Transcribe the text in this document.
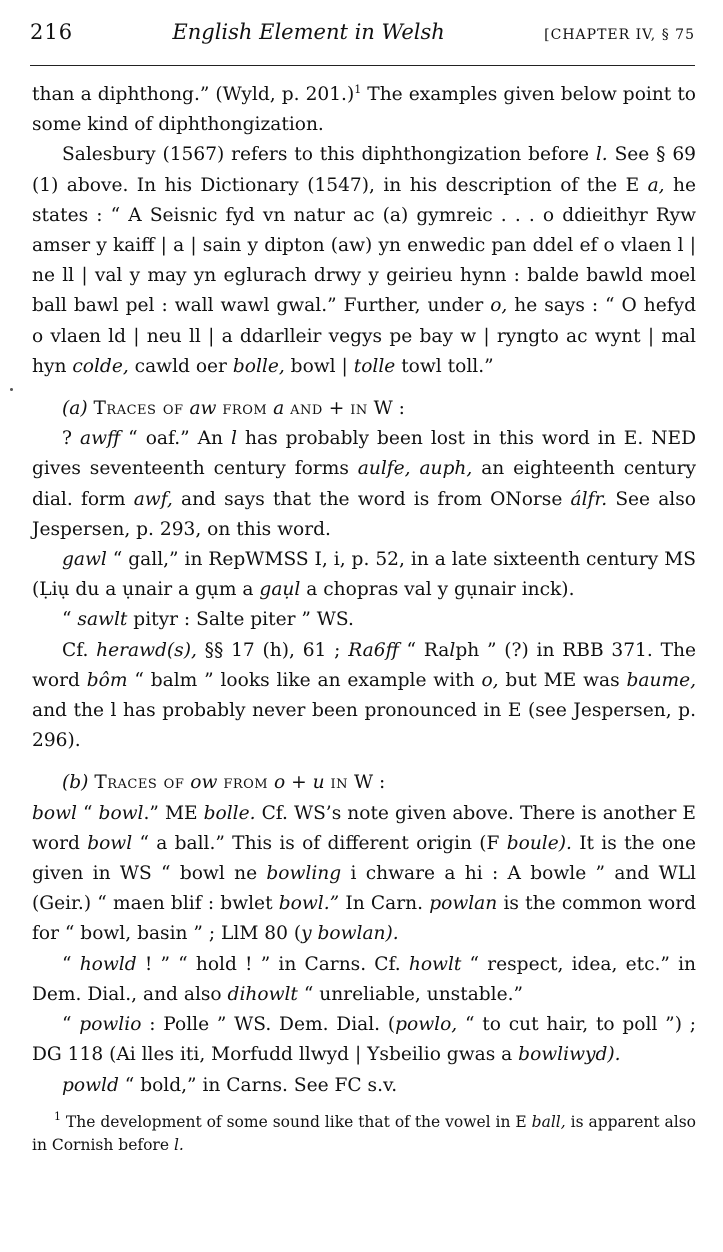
216	English Element in Welsh	[CHAPTER IV, § 75

than a diphthong.” (Wyld, p. 201.)$^1$ The examples given below point to some kind of diphthongization.

Salesbury (1567) refers to this diphthongization before l. See § 69 (1) above. In his Dictionary (1547), in his description of the E a, he states : “ A Seisnic fyd vn natur ac (a) gymreic . . . o ddieithyr Ryw amser y kaiff | a | sain y dipton (aw) yn enwedic pan ddel ef o vlaen l | ne ll | val y may yn eglurach drwy y geirieu hynn : balde bawld moel ball bawl pel : wall wawl gwal.” Further, under o, he says : “ O hefyd o vlaen ld | neu ll | a ddarlleir vegys pe bay w | ryngto ac wynt | mal hyn colde, cawld oer bolle, bowl | tolle towl toll.”

(a) Traces of aw from a and + in W :

? awff “ oaf.” An l has probably been lost in this word in E. NED gives seventeenth century forms aulfe, auph, an eighteenth century dial. form awf, and says that the word is from ONorse álfr. See also Jespersen, p. 293, on this word.

gawl “ gall,” in RepWMSS I, i, p. 52, in a late sixteenth century MS (Ḷiụ du a ụnair a gụm a gaụl a chopras val y gụnair inck).

“ sawlt pityr : Salte piter ” WS.

Cf. herawd(s), §§ 17 (h), 61 ; Ra6ff “ Ralph ” (?) in RBB 371. The word bôm “ balm ” looks like an example with o, but ME was baume, and the l has probably never been pronounced in E (see Jespersen, p. 296).

(b) Traces of ow from o + u in W :

bowl “ bowl.” ME bolle. Cf. WS’s note given above. There is another E word bowl “ a ball.” This is of different origin (F boule). It is the one given in WS “ bowl ne bowling i chware a hi : A bowle ” and WLl (Geir.) “ maen blif : bwlet bowl.” In Carn. powlan is the common word for “ bowl, basin ” ; LlM 80 (y bowlan).

“ howld ! ” “ hold ! ” in Carns. Cf. howlt “ respect, idea, etc.” in Dem. Dial., and also dihowlt “ unreliable, unstable.”

“ powlio : Polle ” WS. Dem. Dial. (powlo, “ to cut hair, to poll ”) ; DG 118 (Ai lles iti, Morfudd llwyd | Ysbeilio gwas a bowliwyd).

powld “ bold,” in Carns. See FC s.v.

$^1$ The development of some sound like that of the vowel in E ball, is apparent also in Cornish before l.
